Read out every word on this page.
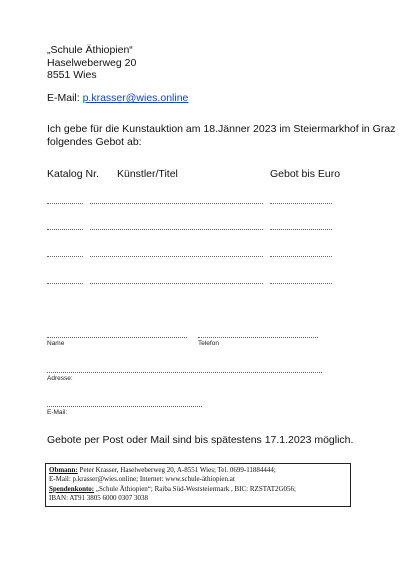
„Schule Äthiopien“
Haselweberweg 20
8551 Wies
E-Mail: p.krasser@wies.online
Ich gebe für die Kunstauktion am 18.Jänner 2023 im Steiermarkhof in Graz
folgendes Gebot ab:
Katalog Nr. Künstler/Titel	Gebot bis Euro
Name	Telefon
Adresse:
E-Mail:
Gebote per Post oder Mail sind bis spätestens 17.1.2023 möglich.
Obmann: Peter Krasser, Haselweberweg 20, A-8551 Wies; Tel. 0699-11884444;
E-Mail: p.krasser@wies.online; Internet: www.schule-äthiopien.at
Spendenkonto: „Schule Äthiopien“; Raiba Süd-Weststeiermark , BIC: RZSTAT2G056;
IBAN: AT91 3805 6000 0307 3038
